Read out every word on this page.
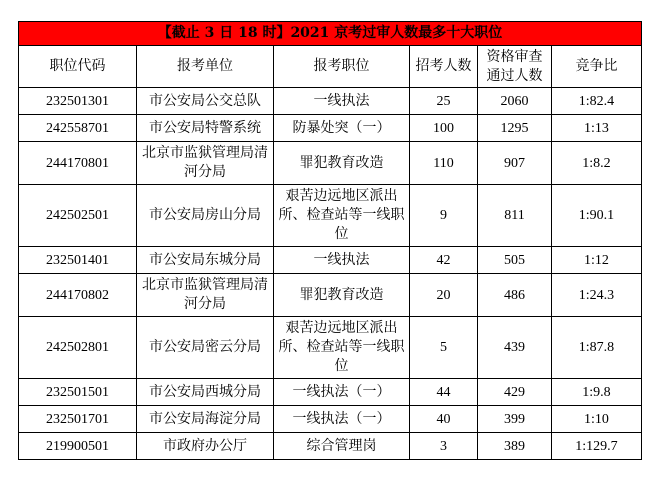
【截止 3 日 18 时】2021 京考过审人数最多十大职位					
职位代码	报考单位	报考职位	招考人数	资格审查通过人数	竞争比
232501301	市公安局公交总队	一线执法	25	2060	1:82.4
242558701	市公安局特警系统	防暴处突（一）	100	1295	1:13
244170801	北京市监狱管理局清河分局	罪犯教育改造	110	907	1:8.2
242502501	市公安局房山分局	艰苦边远地区派出所、检查站等一线职位	9	811	1:90.1
232501401	市公安局东城分局	一线执法	42	505	1:12
244170802	北京市监狱管理局清河分局	罪犯教育改造	20	486	1:24.3
242502801	市公安局密云分局	艰苦边远地区派出所、检查站等一线职位	5	439	1:87.8
232501501	市公安局西城分局	一线执法（一）	44	429	1:9.8
232501701	市公安局海淀分局	一线执法（一）	40	399	1:10
219900501	市政府办公厅	综合管理岗	3	389	1:129.7
